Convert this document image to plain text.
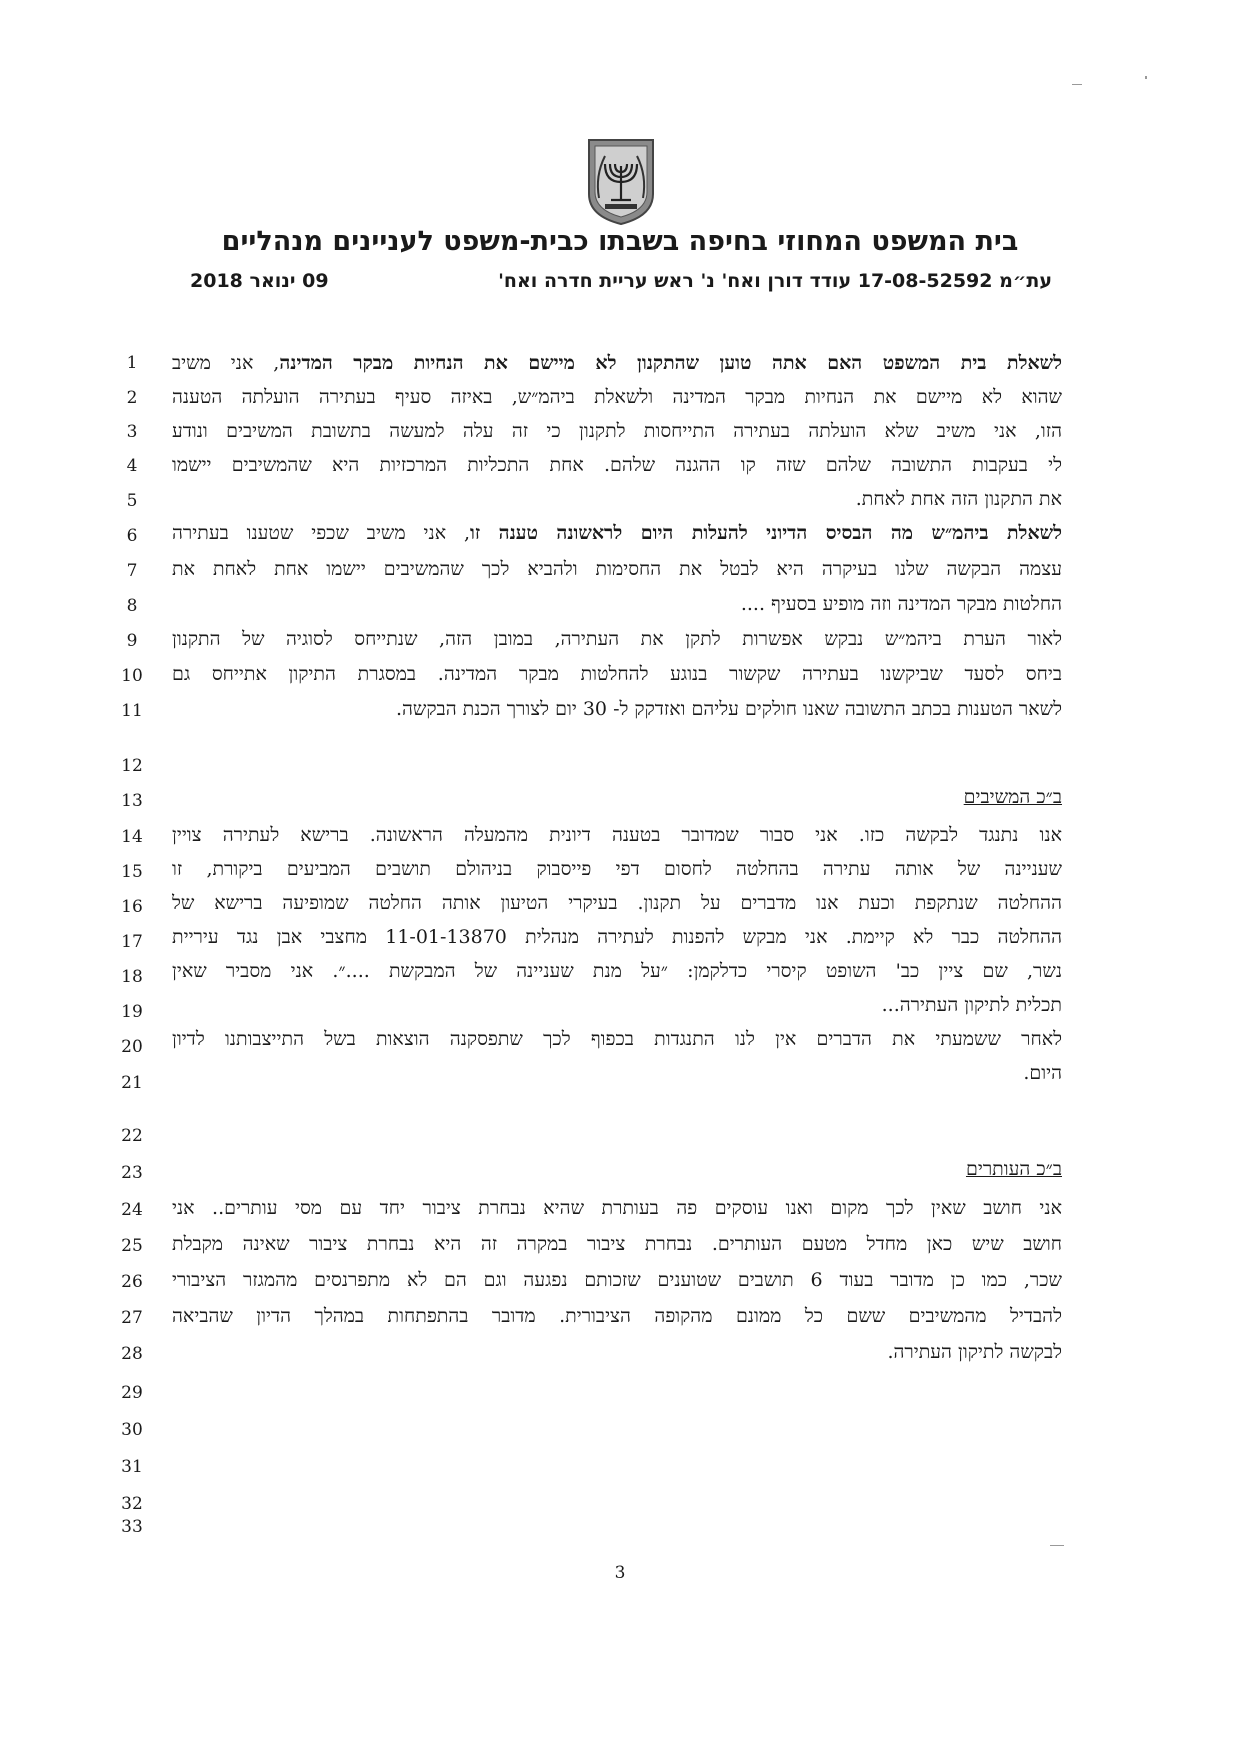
בית המשפט המחוזי בחיפה בשבתו כבית-משפט לעניינים מנהליים
עת״מ 17-08-52592 עודד דורן ואח' נ' ראש עריית חדרה ואח'
09 ינואר 2018
לשאלת בית המשפט האם אתה טוען שהתקנון לא מיישם את הנחיות מבקר המדינה, אני משיב
שהוא לא מיישם את הנחיות מבקר המדינה ולשאלת ביהמ״ש, באיזה סעיף בעתירה הועלתה הטענה
הזו, אני משיב שלא הועלתה בעתירה התייחסות לתקנון כי זה עלה למעשה בתשובת המשיבים ונודע
לי בעקבות התשובה שלהם שזה קו ההגנה שלהם. אחת התכליות המרכזיות היא שהמשיבים יישמו
את התקנון הזה אחת לאחת.
לשאלת ביהמ״ש מה הבסיס הדיוני להעלות היום לראשונה טענה זו, אני משיב שכפי שטענו בעתירה
עצמה הבקשה שלנו בעיקרה היא לבטל את החסימות ולהביא לכך שהמשיבים יישמו אחת לאחת את
החלטות מבקר המדינה וזה מופיע בסעיף ....
לאור הערת ביהמ״ש נבקש אפשרות לתקן את העתירה, במובן הזה, שנתייחס לסוגיה של התקנון
ביחס לסעד שביקשנו בעתירה שקשור בנוגע להחלטות מבקר המדינה. במסגרת התיקון אתייחס גם
לשאר הטענות בכתב התשובה שאנו חולקים עליהם ואזדקק ל- 30 יום לצורך הכנת הבקשה.
ב״כ המשיבים
אנו נתנגד לבקשה כזו. אני סבור שמדובר בטענה דיונית מהמעלה הראשונה. ברישא לעתירה צויין
שעניינה של אותה עתירה בהחלטה לחסום דפי פייסבוק בניהולם תושבים המביעים ביקורת, זו
ההחלטה שנתקפת וכעת אנו מדברים על תקנון. בעיקרי הטיעון אותה החלטה שמופיעה ברישא של
ההחלטה כבר לא קיימת. אני מבקש להפנות לעתירה מנהלית 11-01-13870 מחצבי אבן נגד עיריית
נשר, שם ציין כב' השופט קיסרי כדלקמן: ״על מנת שעניינה של המבקשת ....״. אני מסביר שאין
תכלית לתיקון העתירה...
לאחר ששמעתי את הדברים אין לנו התנגדות בכפוף לכך שתפסקנה הוצאות בשל התייצבותנו לדיון
היום.
ב״כ העותרים
אני חושב שאין לכך מקום ואנו עוסקים פה בעותרת שהיא נבחרת ציבור יחד עם מסי עותרים.. אני
חושב שיש כאן מחדל מטעם העותרים. נבחרת ציבור במקרה זה היא נבחרת ציבור שאינה מקבלת
שכר, כמו כן מדובר בעוד 6 תושבים שטוענים שזכותם נפגעה וגם הם לא מתפרנסים מהמגזר הציבורי
להבדיל מהמשיבים ששם כל ממונם מהקופה הציבורית. מדובר בהתפתחות במהלך הדיון שהביאה
לבקשה לתיקון העתירה.
1
2
3
4
5
6
7
8
9
10
11
12
13
14
15
16
17
18
19
20
21
22
23
24
25
26
27
28
29
30
31
32
33
3
